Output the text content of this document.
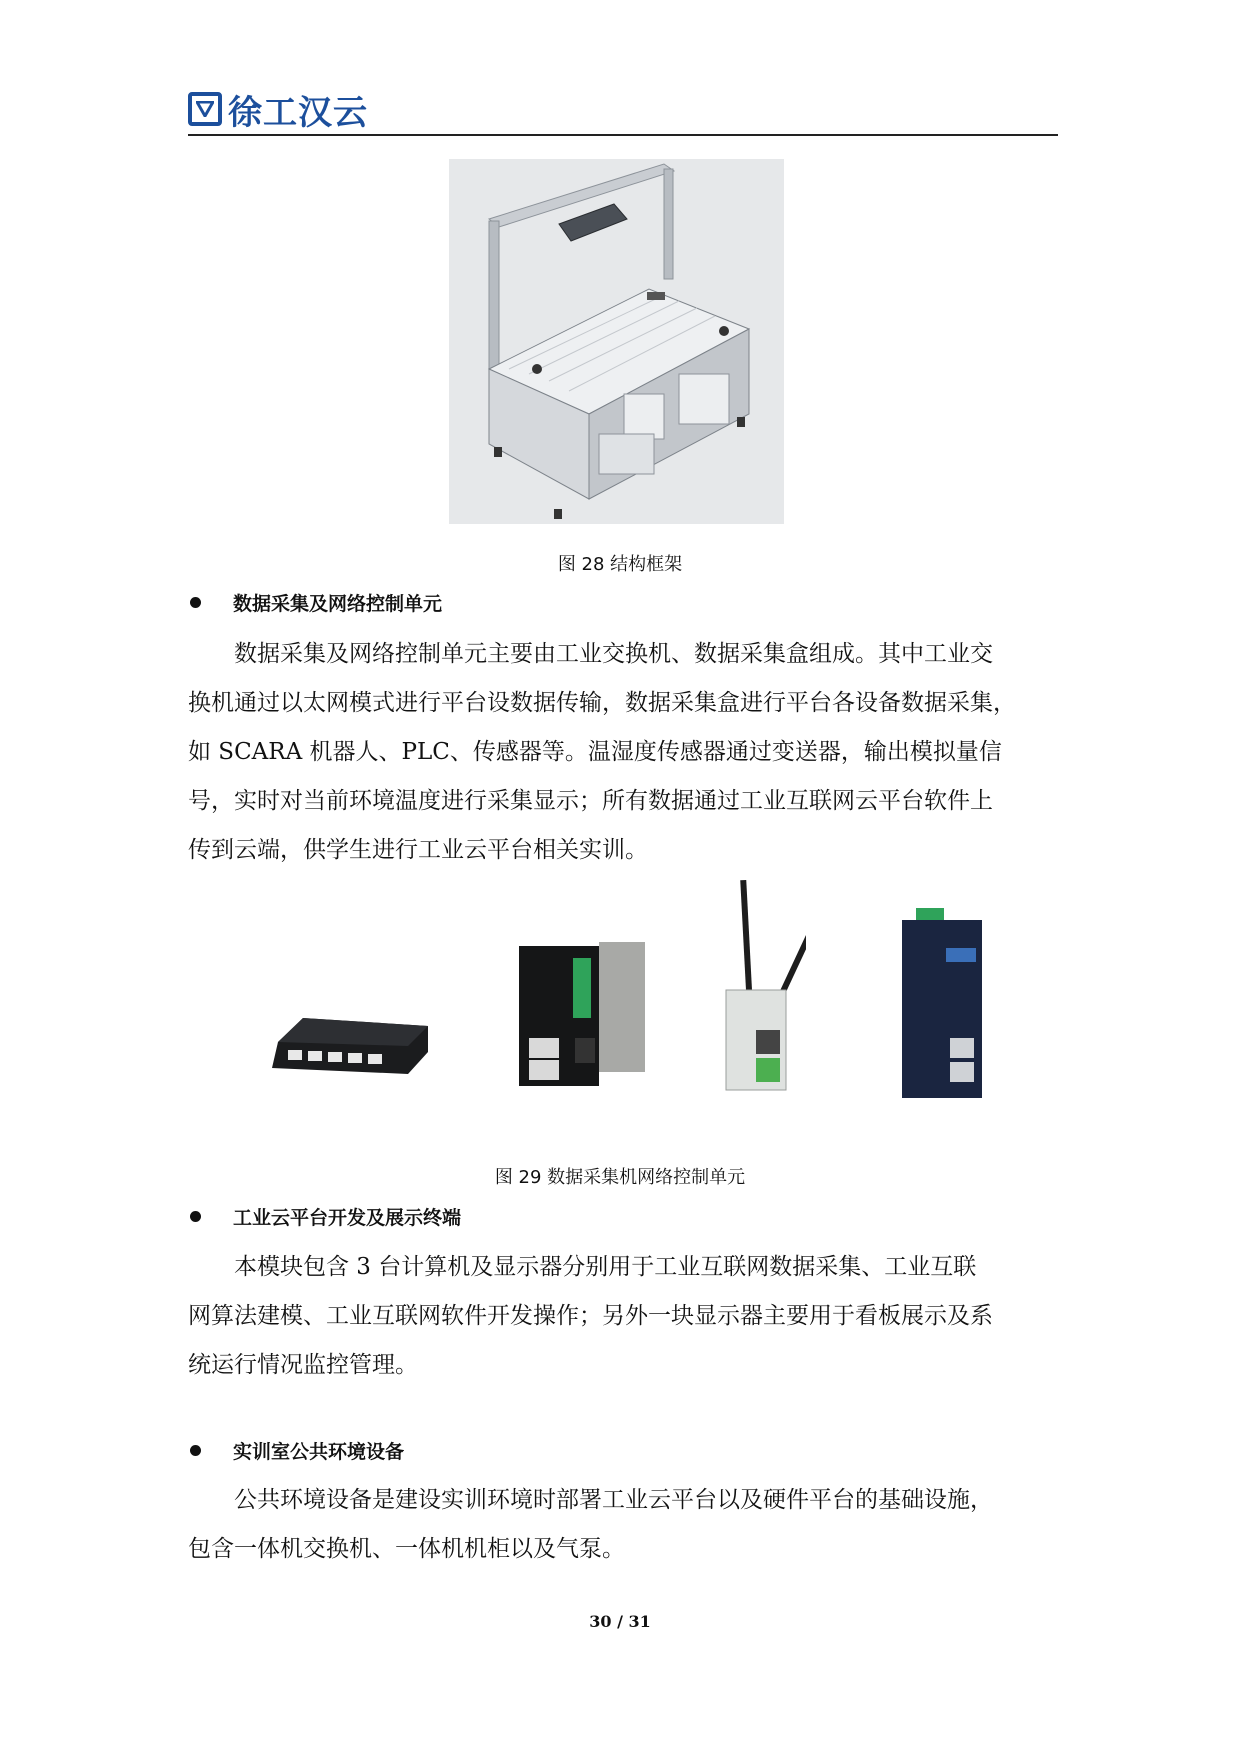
徐工汉云
图 28 结构框架
数据采集及网络控制单元
数据采集及网络控制单元主要由工业交换机、数据采集盒组成。其中工业交
换机通过以太网模式进行平台设数据传输，数据采集盒进行平台各设备数据采集，
如 SCARA 机器人、PLC、传感器等。温湿度传感器通过变送器，输出模拟量信
号，实时对当前环境温度进行采集显示；所有数据通过工业互联网云平台软件上
传到云端，供学生进行工业云平台相关实训。
图 29 数据采集机网络控制单元
工业云平台开发及展示终端
本模块包含 3 台计算机及显示器分别用于工业互联网数据采集、工业互联
网算法建模、工业互联网软件开发操作；另外一块显示器主要用于看板展示及系
统运行情况监控管理。
实训室公共环境设备
公共环境设备是建设实训环境时部署工业云平台以及硬件平台的基础设施，
包含一体机交换机、一体机机柜以及气泵。
30 / 31
